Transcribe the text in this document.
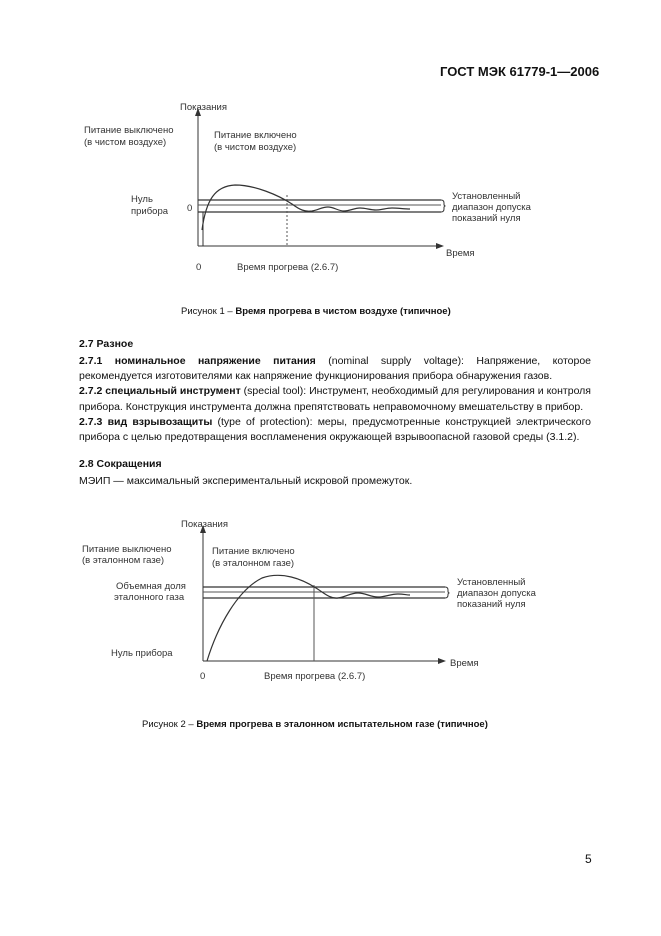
ГОСТ МЭК 61779-1—2006
Показания
Питание выключено
(в чистом воздухе)
Питание включено
(в чистом воздухе)
Нуль
прибора 0
0
Время
Время прогрева (2.6.7)
Установленный
диапазон допуска
показаний нуля
Рисунок 1 – Время прогрева в чистом воздухе (типичное)
2.7 Разное
2.7.1 номинальное напряжение питания (nominal supply voltage): Напряжение, которое рекомендуется изготовителями как напряжение функционирования прибора обнаружения газов.
2.7.2 специальный инструмент (special tool): Инструмент, необходимый для регулирования и контроля прибора. Конструкция инструмента должна препятствовать неправомочному вмешательству в прибор.
2.7.3 вид взрывозащиты (type of protection): меры, предусмотренные конструкцией электрического прибора с целью предотвращения воспламенения окружающей взрывоопасной газовой среды (3.1.2).
2.8 Сокращения
МЭИП — максимальный экспериментальный искровой промежуток.
Показания
Питание выключено
(в эталонном газе)
Питание включено
(в эталонном газе)
Объемная доля
эталонного газа
Нуль прибора
0
Время
Время прогрева (2.6.7)
Установленный
диапазон допуска
показаний нуля
Рисунок 2 – Время прогрева в эталонном испытательном газе (типичное)
5
